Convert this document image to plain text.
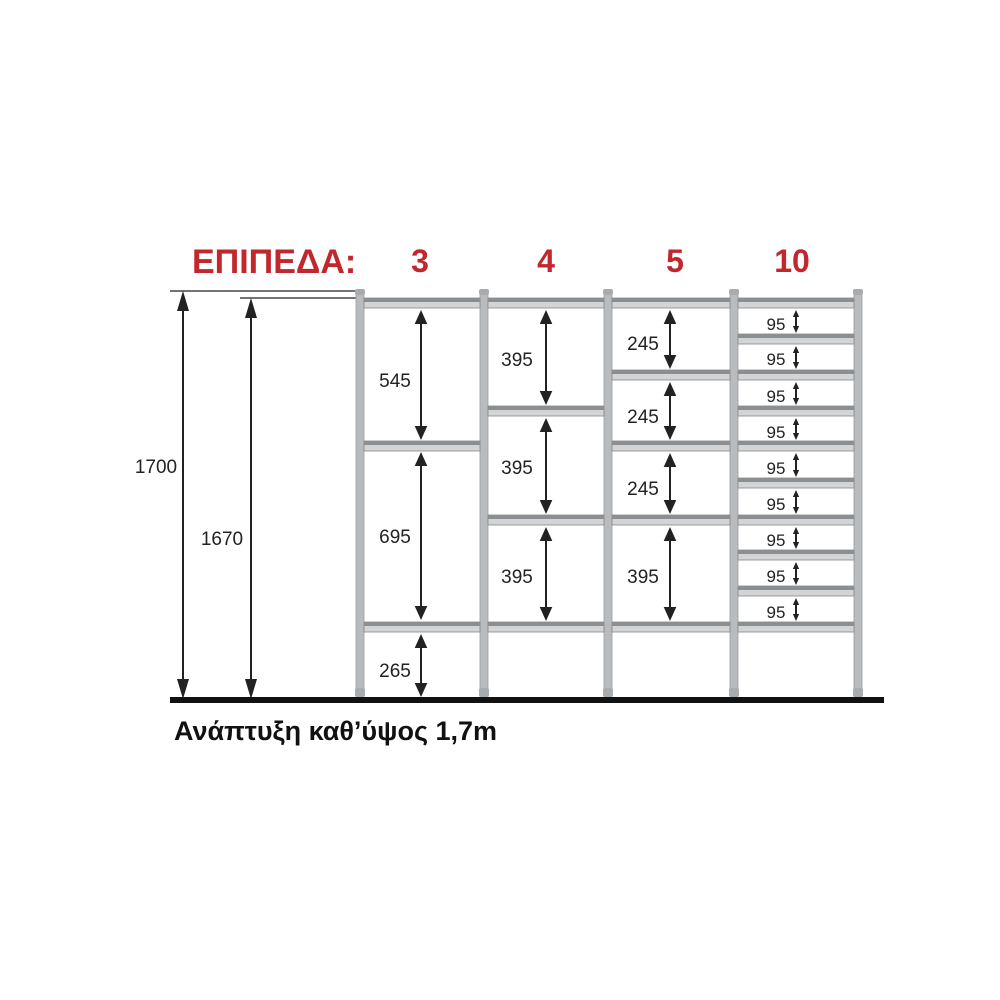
ΕΠΙΠΕΔΑ: 3	4	5	10
1700
1670
545
695
265
395
395
395
245
245
245
395
95
95
95
95
95
95
95
95
95
Ανάπτυξη καθ’ύψος 1,7m
